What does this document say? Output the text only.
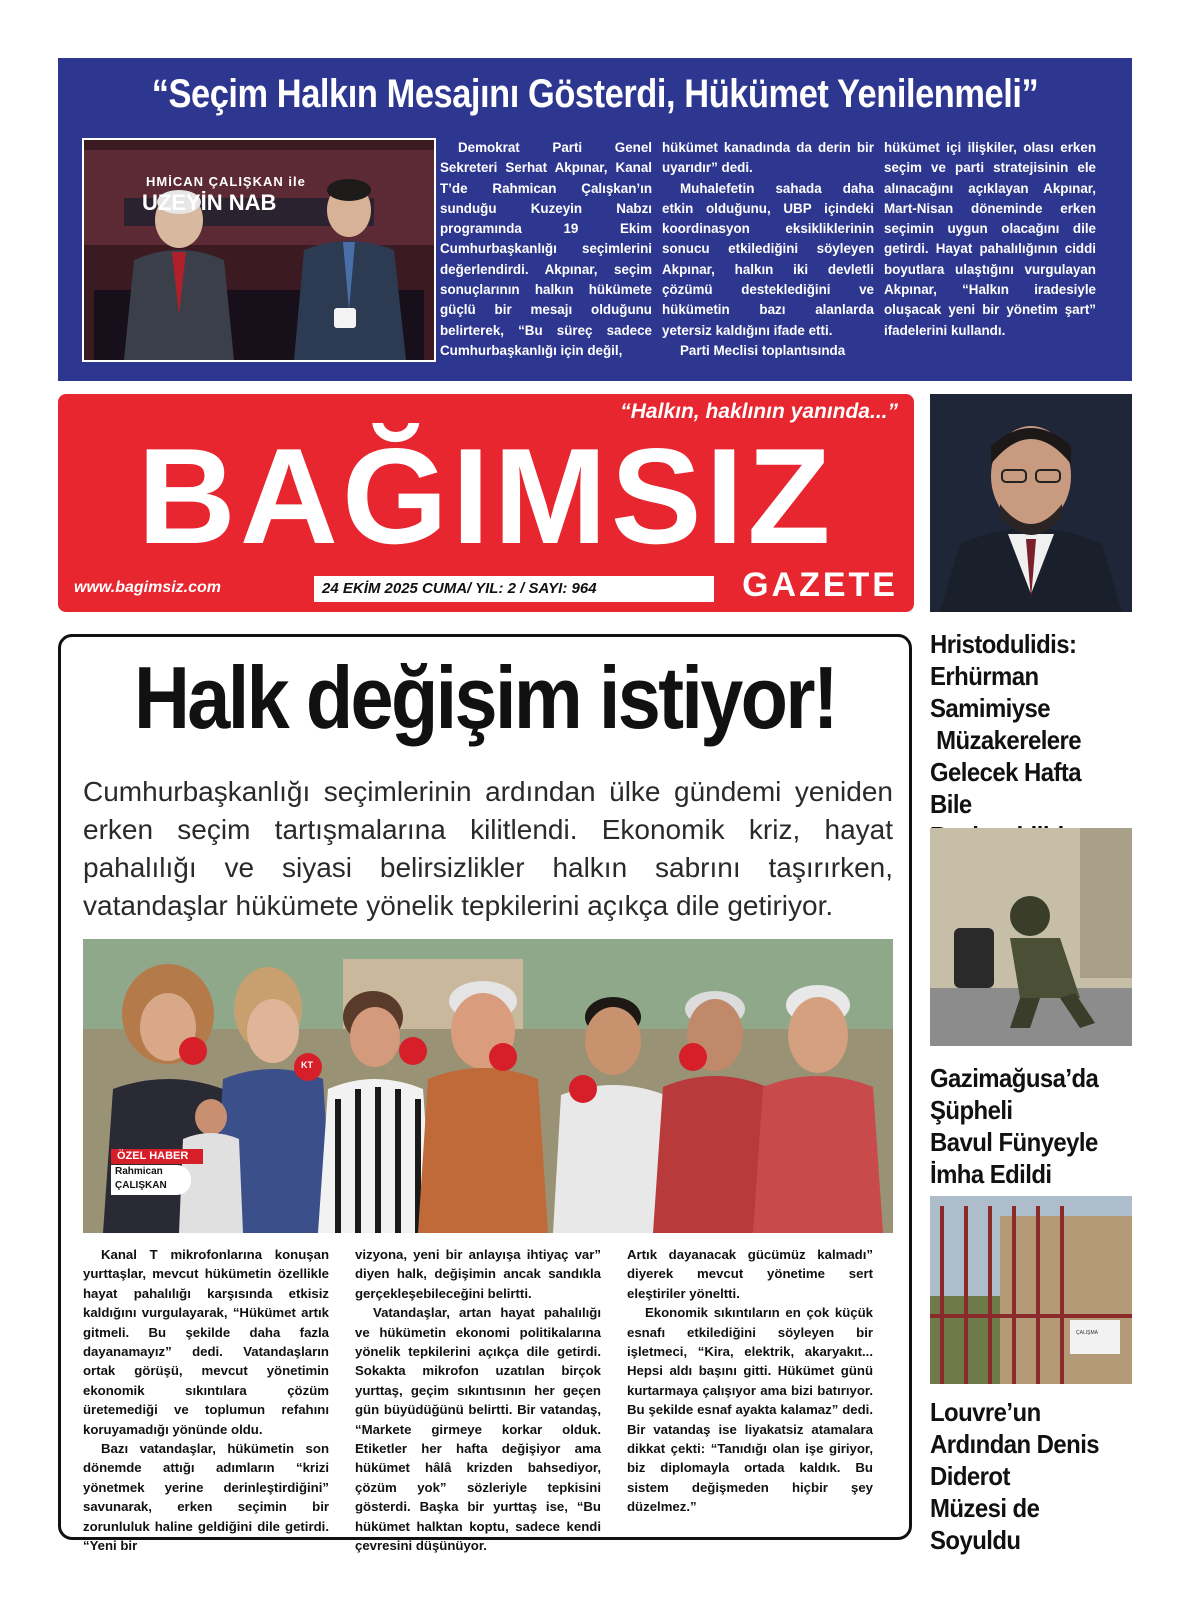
“Seçim Halkın Mesajını Gösterdi, Hükümet Yenilenmeli”
HMİCAN ÇALIŞKAN ile
UZEYİN NAB

Demokrat Parti Genel Sekreteri Serhat Akpınar, Kanal T’de Rahmican Çalışkan’ın sunduğu Kuzeyin Nabzı programında 19 Ekim Cumhurbaşkanlığı seçimlerini değerlendirdi. Akpınar, seçim sonuçlarının halkın hükümete güçlü bir mesajı olduğunu belirterek, “Bu süreç sadece Cumhurbaşkanlığı için değil,

hükümet kanadında da derin bir uyarıdır” dedi.

Muhalefetin sahada daha etkin olduğunu, UBP içindeki koordinasyon eksikliklerinin sonucu etkilediğini söyleyen Akpınar, halkın iki devletli çözümü desteklediğini ve hükümetin bazı alanlarda yetersiz kaldığını ifade etti.

Parti Meclisi toplantısında

hükümet içi ilişkiler, olası erken seçim ve parti stratejisinin ele alınacağını açıklayan Akpınar, Mart-Nisan döneminde erken seçimin uygun olacağını dile getirdi. Hayat pahalılığının ciddi boyutlara ulaştığını vurgulayan Akpınar, “Halkın iradesiyle oluşacak yeni bir yönetim şart” ifadelerini kullandı.

“Halkın, haklının yanında...”
BAĞIMSIZ
www.bagimsiz.com	24 EKİM 2025 CUMA/ YIL: 2 / SAYI: 964	GAZETE
Hristodulidis:
Erhürman
Samimiyse
Müzakerelere
Gelecek Hafta Bile
Gazimağusa’da
Şüpheli
Bavul Fünyeyle
İmha Edildi
ÇALIŞMA
Louvre’un
Ardından Denis
Diderot
Müzesi de
Soyuldu
Halk değişim istiyor!
Cumhurbaşkanlığı seçimlerinin ardından ülke gündemi yeniden erken seçim tartışmalarına kilitlendi. Ekonomik kriz, hayat pahalılığı ve siyasi belirsizlikler halkın sabrını taşırırken, vatandaşlar hükümete yönelik tepkilerini açıkça dile getiriyor.
ÖZEL HABER
Rahmican
ÇALIŞKAN
KT

Kanal T mikrofonlarına konuşan yurttaşlar, mevcut hükümetin özellikle hayat pahalılığı karşısında etkisiz kaldığını vurgulayarak, “Hükümet artık gitmeli. Bu şekilde daha fazla dayanamayız” dedi. Vatandaşların ortak görüşü, mevcut yönetimin ekonomik sıkıntılara çözüm üretemediği ve toplumun refahını koruyamadığı yönünde oldu.

Bazı vatandaşlar, hükümetin son dönemde attığı adımların “krizi yönetmek yerine derinleştirdiğini” savunarak, erken seçimin bir zorunluluk haline geldiğini dile getirdi. “Yeni bir

vizyona, yeni bir anlayışa ihtiyaç var” diyen halk, değişimin ancak sandıkla gerçekleşebileceğini belirtti.

Vatandaşlar, artan hayat pahalılığı ve hükümetin ekonomi politikalarına yönelik tepkilerini açıkça dile getirdi. Sokakta mikrofon uzatılan birçok yurttaş, geçim sıkıntısının her geçen gün büyüdüğünü belirtti. Bir vatandaş, “Markete girmeye korkar olduk. Etiketler her hafta değişiyor ama hükümet hâlâ krizden bahsediyor, çözüm yok” sözleriyle tepkisini gösterdi. Başka bir yurttaş ise, “Bu hükümet halktan koptu, sadece kendi çevresini düşünüyor.

Artık dayanacak gücümüz kalmadı” diyerek mevcut yönetime sert eleştiriler yöneltti.

Ekonomik sıkıntıların en çok küçük esnafı etkilediğini söyleyen bir işletmeci, “Kira, elektrik, akaryakıt... Hepsi aldı başını gitti. Hükümet günü kurtarmaya çalışıyor ama bizi batırıyor. Bu şekilde esnaf ayakta kalamaz” dedi. Bir vatandaş ise liyakatsiz atamalara dikkat çekti: “Tanıdığı olan işe giriyor, biz diplomayla ortada kaldık. Bu sistem değişmeden hiçbir şey düzelmez.”
